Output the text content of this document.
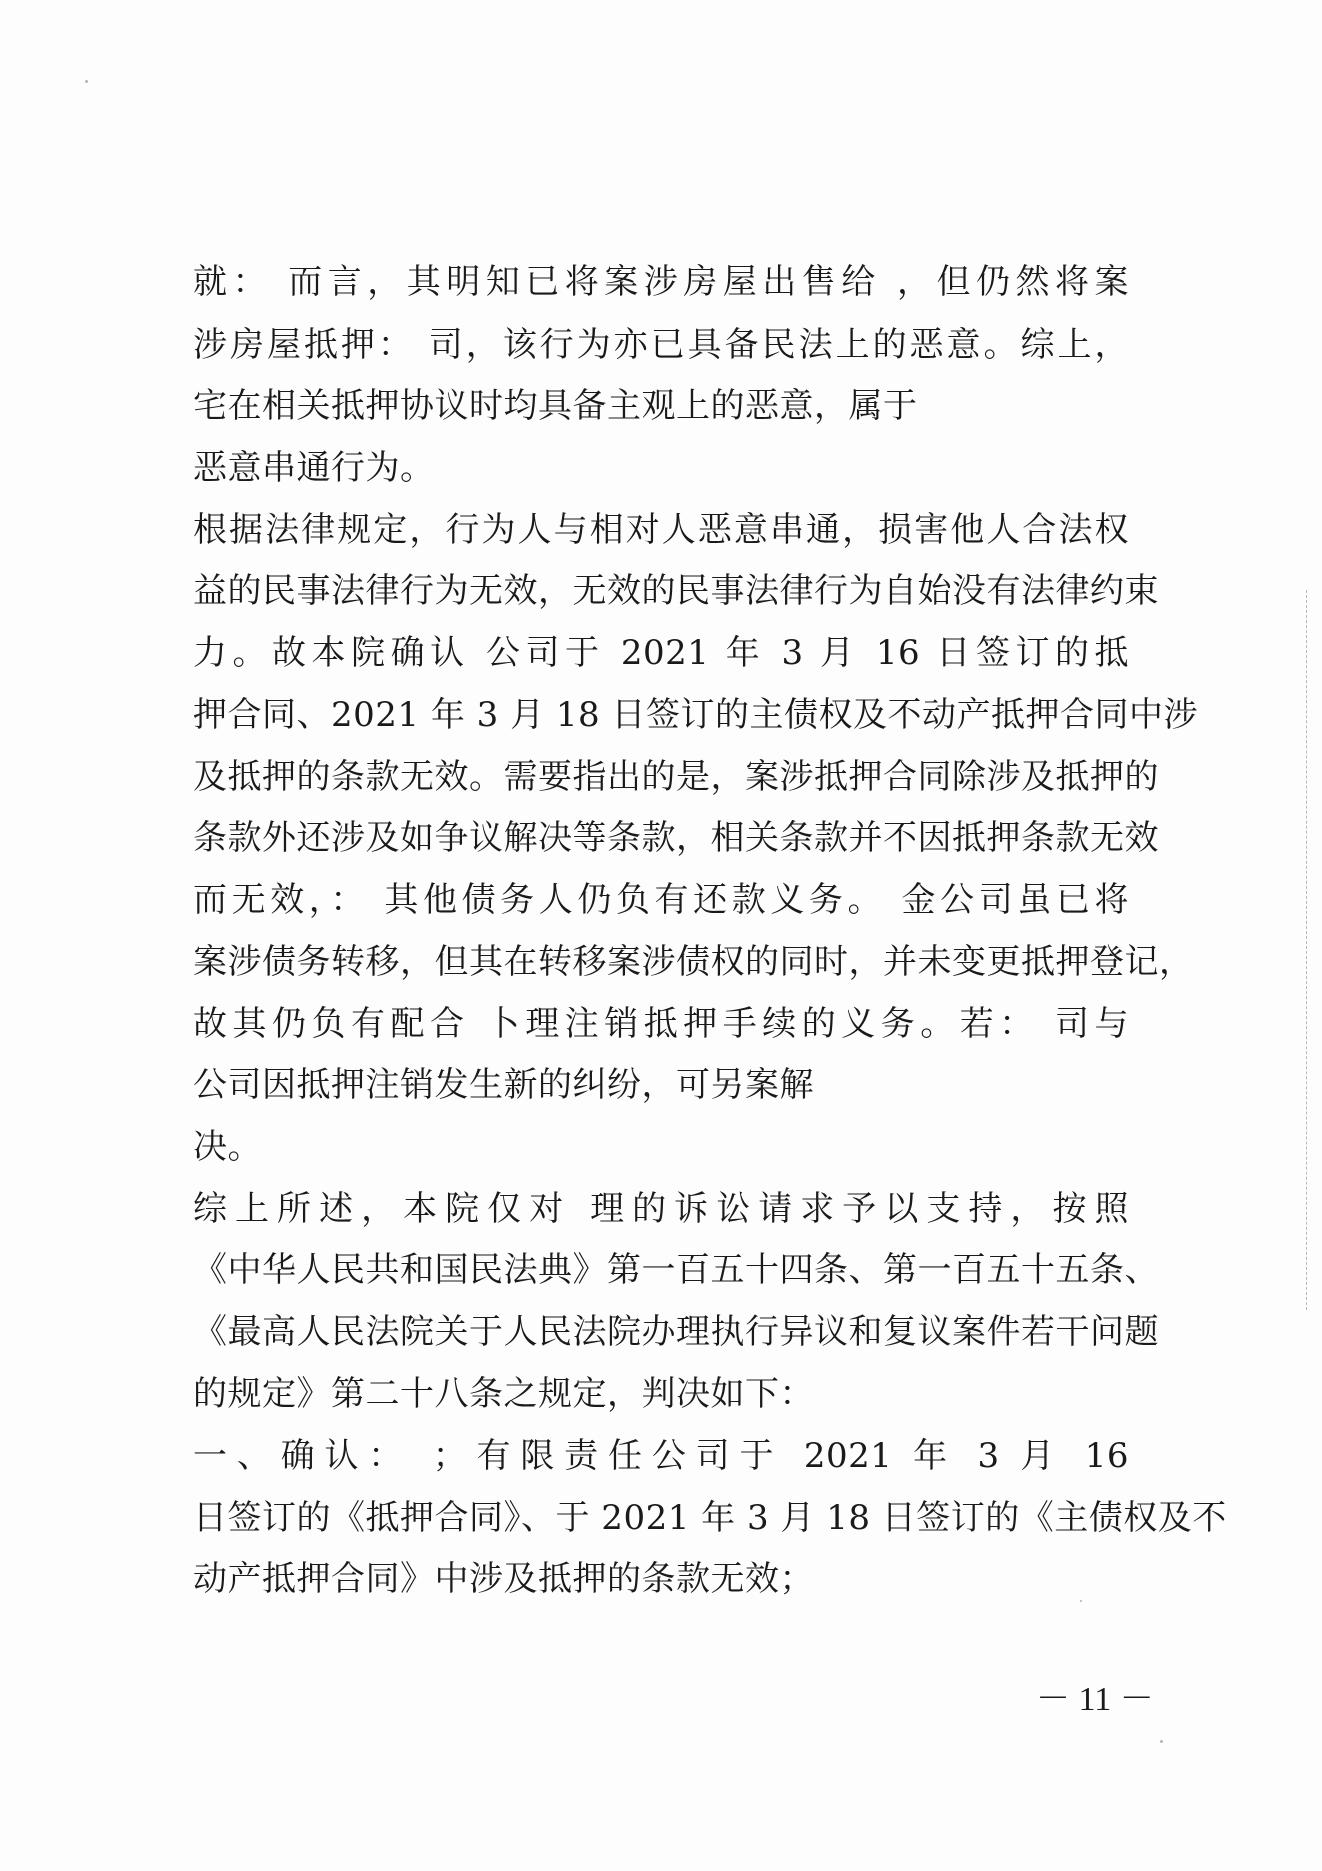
就： 而言，其明知已将案涉房屋出售给 ，但仍然将案
涉房屋抵押： 司，该行为亦已具备民法上的恶意。综上，
宅在相关抵押协议时均具备主观上的恶意，属于
恶意串通行为。
根据法律规定，行为人与相对人恶意串通，损害他人合法权
益的民事法律行为无效，无效的民事法律行为自始没有法律约束
力。故本院确认 公司于 2021 年 3 月 16 日签订的抵
押合同、2021 年 3 月 18 日签订的主债权及不动产抵押合同中涉
及抵押的条款无效。需要指出的是，案涉抵押合同除涉及抵押的
条款外还涉及如争议解决等条款，相关条款并不因抵押条款无效
而无效，： 其他债务人仍负有还款义务。 金公司虽已将
案涉债务转移，但其在转移案涉债权的同时，并未变更抵押登记，
故其仍负有配合 卜理注销抵押手续的义务。若： 司与
公司因抵押注销发生新的纠纷，可另案解
决。
综上所述，本院仅对 理的诉讼请求予以支持，按照
《中华人民共和国民法典》第一百五十四条、第一百五十五条、
《最高人民法院关于人民法院办理执行异议和复议案件若干问题
的规定》第二十八条之规定，判决如下：
一、确认： ；有限责任公司于 2021 年 3 月 16
日签订的《抵押合同》、于 2021 年 3 月 18 日签订的《主债权及不
动产抵押合同》中涉及抵押的条款无效；
－ 11 －
